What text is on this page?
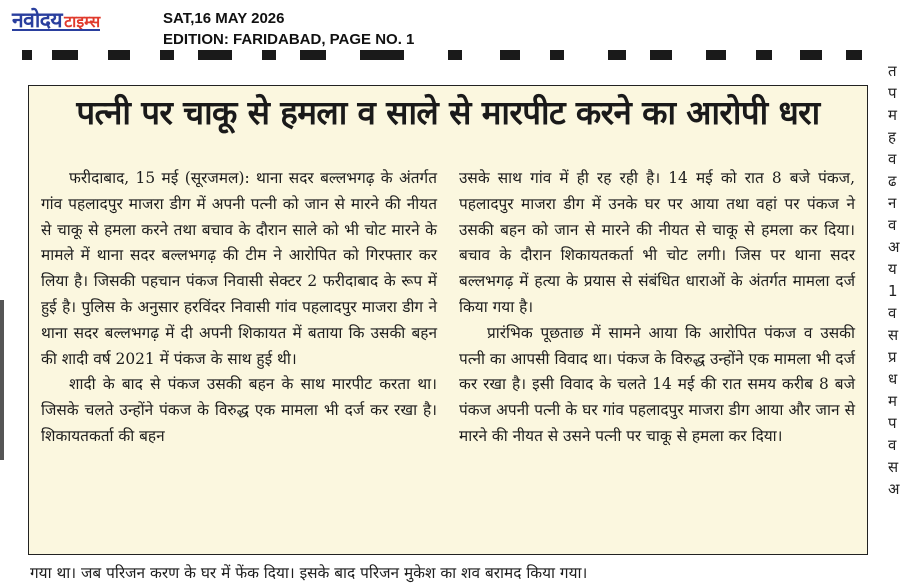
नवोदय टाइम्स	SAT,16 MAY 2026
EDITION: FARIDABAD, PAGE NO. 1
त
प
म
ह
व
ढ
न
व
अ
य
1
व
स
प्र
ध
म
प
व
स
अ
पत्नी पर चाकू से हमला व साले से मारपीट करने का आरोपी धरा

फरीदाबाद, 15 मई (सूरजमल): थाना सदर बल्लभगढ़ के अंतर्गत गांव पहलादपुर माजरा डीग में अपनी पत्नी को जान से मारने की नीयत से चाकू से हमला करने तथा बचाव के दौरान साले को भी चोट मारने के मामले में थाना सदर बल्लभगढ़ की टीम ने आरोपित को गिरफ्तार कर लिया है। जिसकी पहचान पंकज निवासी सेक्टर 2 फरीदाबाद के रूप में हुई है। पुलिस के अनुसार हरविंदर निवासी गांव पहलादपुर माजरा डीग ने थाना सदर बल्लभगढ़ में दी अपनी शिकायत में बताया कि उसकी बहन की शादी वर्ष 2021 में पंकज के साथ हुई थी।

शादी के बाद से पंकज उसकी बहन के साथ मारपीट करता था। जिसके चलते उन्होंने पंकज के विरुद्ध एक मामला भी दर्ज कर रखा है। शिकायतकर्ता की बहन

उसके साथ गांव में ही रह रही है। 14 मई को रात 8 बजे पंकज, पहलादपुर माजरा डीग में उनके घर पर आया तथा वहां पर पंकज ने उसकी बहन को जान से मारने की नीयत से चाकू से हमला कर दिया। बचाव के दौरान शिकायतकर्ता भी चोट लगी। जिस पर थाना सदर बल्लभगढ़ में हत्या के प्रयास से संबंधित धाराओं के अंतर्गत मामला दर्ज किया गया है।

प्रारंभिक पूछताछ में सामने आया कि आरोपित पंकज व उसकी पत्नी का आपसी विवाद था। पंकज के विरुद्ध उन्होंने एक मामला भी दर्ज कर रखा है। इसी विवाद के चलते 14 मई की रात समय करीब 8 बजे पंकज अपनी पत्नी के घर गांव पहलादपुर माजरा डीग आया और जान से मारने की नीयत से उसने पत्नी पर चाकू से हमला कर दिया।

गया था। जब परिजन करण के घर में फेंक दिया। इसके बाद परिजन मुकेश का शव बरामद किया गया।
